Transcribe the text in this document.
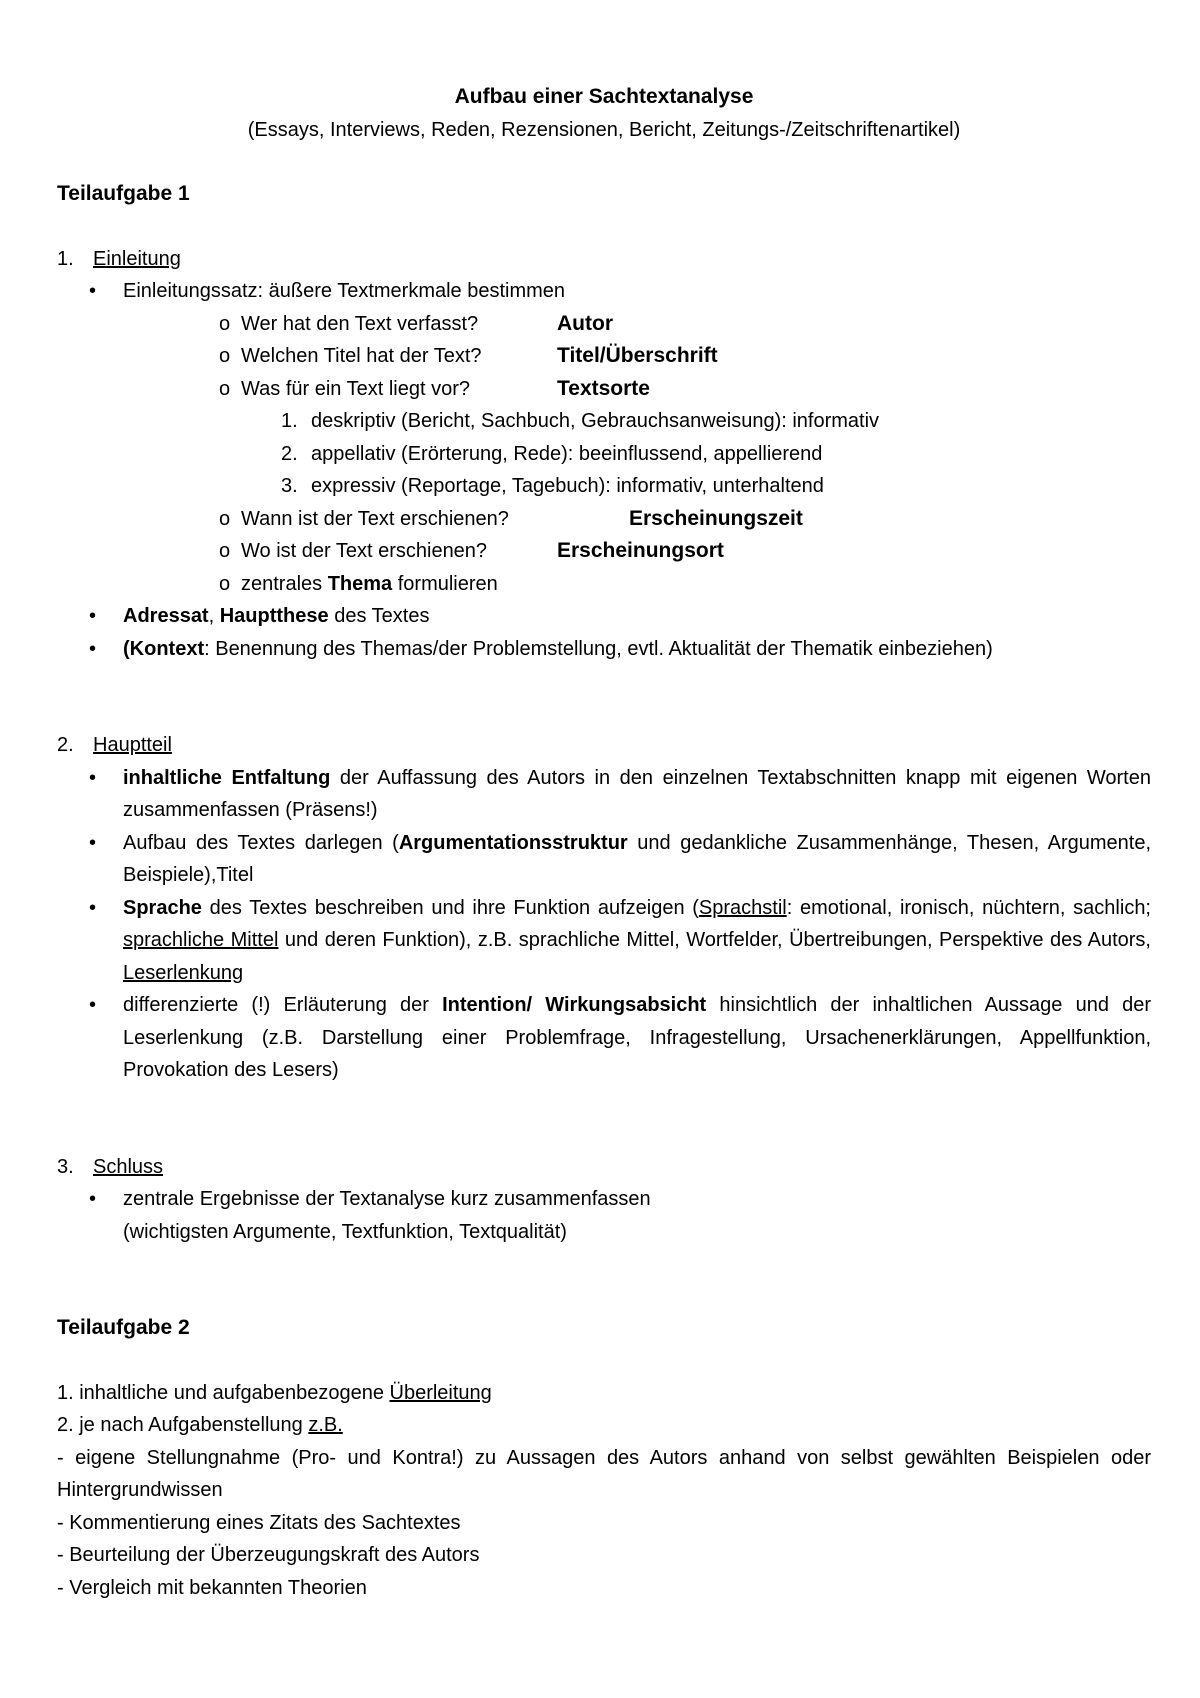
Aufbau einer Sachtextanalyse

(Essays, Interviews, Reden, Rezensionen, Bericht, Zeitungs-/Zeitschriftenartikel)

Teilaufgabe 1

1. Einleitung
• Einleitungssatz: äußere Textmerkmale bestimmen
o Wer hat den Text verfasst?	Autor
o Welchen Titel hat der Text?	Titel/Überschrift
o Was für ein Text liegt vor?	Textsorte
1. deskriptiv (Bericht, Sachbuch, Gebrauchsanweisung): informativ
2. appellativ (Erörterung, Rede): beeinflussend, appellierend
3. expressiv (Reportage, Tagebuch): informativ, unterhaltend
o Wann ist der Text erschienen?	Erscheinungszeit
o Wo ist der Text erschienen?	Erscheinungsort
o zentrales Thema formulieren
• Adressat, Hauptthese des Textes
• (Kontext: Benennung des Themas/der Problemstellung, evtl. Aktualität der Thematik einbeziehen)
2. Hauptteil
• inhaltliche Entfaltung der Auffassung des Autors in den einzelnen Textabschnitten knapp mit eigenen Worten zusammenfassen (Präsens!)
• Aufbau des Textes darlegen (Argumentationsstruktur und gedankliche Zusammenhänge, Thesen, Argumente, Beispiele),Titel
• Sprache des Textes beschreiben und ihre Funktion aufzeigen (Sprachstil: emotional, ironisch, nüchtern, sachlich; sprachliche Mittel und deren Funktion), z.B. sprachliche Mittel, Wortfelder, Übertreibungen, Perspektive des Autors, Leserlenkung
• differenzierte (!) Erläuterung der Intention/ Wirkungsabsicht hinsichtlich der inhaltlichen Aussage und der Leserlenkung (z.B. Darstellung einer Problemfrage, Infragestellung, Ursachenerklärungen, Appellfunktion, Provokation des Lesers)
3. Schluss
• zentrale Ergebnisse der Textanalyse kurz zusammenfassen
(wichtigsten Argumente, Textfunktion, Textqualität)

Teilaufgabe 2

1. inhaltliche und aufgabenbezogene Überleitung
2. je nach Aufgabenstellung z.B.
- eigene Stellungnahme (Pro- und Kontra!) zu Aussagen des Autors anhand von selbst gewählten Beispielen oder Hintergrundwissen
- Kommentierung eines Zitats des Sachtextes
- Beurteilung der Überzeugungskraft des Autors
- Vergleich mit bekannten Theorien
